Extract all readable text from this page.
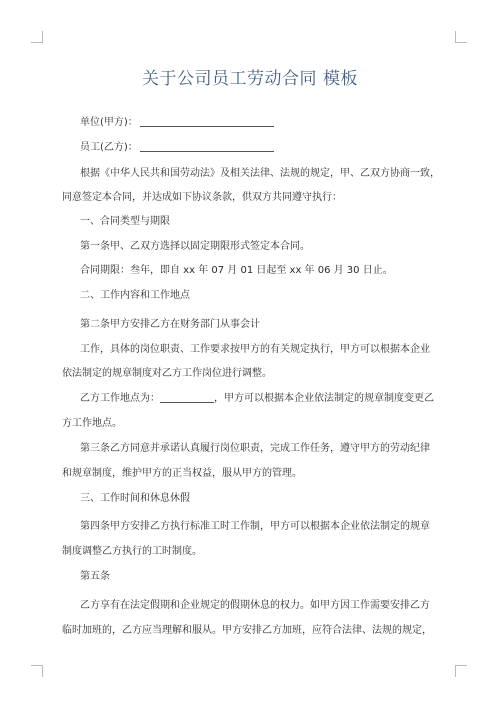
关于公司员工劳动合同 模板
单位(甲方)：
员工(乙方)：
根据《中华人民共和国劳动法》及相关法律、法规的规定，甲、乙双方协商一致，
同意签定本合同，并达成如下协议条款，供双方共同遵守执行：
一、合同类型与期限
第一条甲、乙双方选择以固定期限形式签定本合同。
合同期限：叁年，即自 xx 年 07 月 01 日起至 xx 年 06 月 30 日止。
二、工作内容和工作地点
第二条甲方安排乙方在财务部门从事会计
工作，具体的岗位职责、工作要求按甲方的有关规定执行，甲方可以根据本企业
依法制定的规章制度对乙方工作岗位进行调整。
乙方工作地点为：	，甲方可以根据本企业依法制定的规章制度变更乙
方工作地点。
第三条乙方同意并承诺认真履行岗位职责，完成工作任务，遵守甲方的劳动纪律
和规章制度，维护甲方的正当权益，服从甲方的管理。
三、工作时间和休息休假
第四条甲方安排乙方执行标准工时工作制，甲方可以根据本企业依法制定的规章
制度调整乙方执行的工时制度。
第五条
乙方享有在法定假期和企业规定的假期休息的权力。如甲方因工作需要安排乙方
临时加班的，乙方应当理解和服从。甲方安排乙方加班，应符合法律、法规的规定，
